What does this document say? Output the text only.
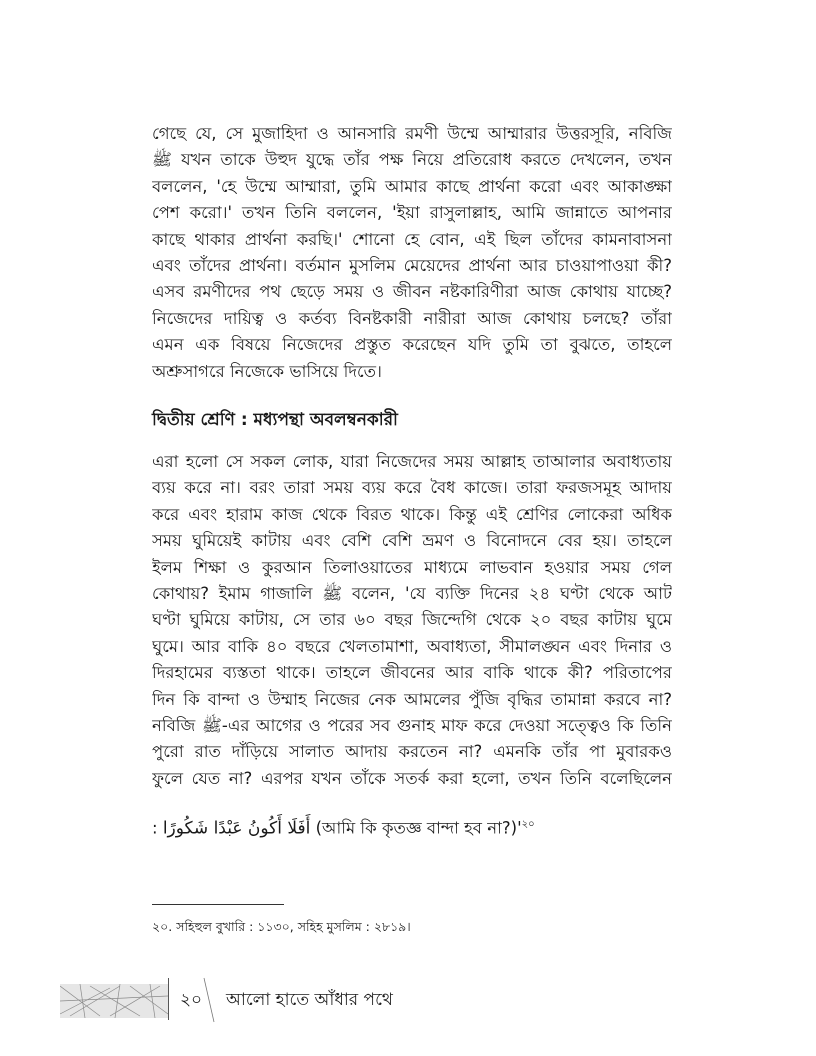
গেছে যে, সে মুজাহিদা ও আনসারি রমণী উম্মে আম্মারার উত্তরসূরি, নবিজি
ﷺ যখন তাকে উহুদ যুদ্ধে তাঁর পক্ষ নিয়ে প্রতিরোধ করতে দেখলেন, তখন
বললেন, 'হে উম্মে আম্মারা, তুমি আমার কাছে প্রার্থনা করো এবং আকাঙ্ক্ষা
পেশ করো।' তখন তিনি বললেন, 'ইয়া রাসুলাল্লাহ, আমি জান্নাতে আপনার
কাছে থাকার প্রার্থনা করছি।' শোনো হে বোন, এই ছিল তাঁদের কামনাবাসনা
এবং তাঁদের প্রার্থনা। বর্তমান মুসলিম মেয়েদের প্রার্থনা আর চাওয়াপাওয়া কী?
এসব রমণীদের পথ ছেড়ে সময় ও জীবন নষ্টকারিণীরা আজ কোথায় যাচ্ছে?
নিজেদের দায়িত্ব ও কর্তব্য বিনষ্টকারী নারীরা আজ কোথায় চলছে? তাঁরা
এমন এক বিষয়ে নিজেদের প্রস্তুত করেছেন যদি তুমি তা বুঝতে, তাহলে
অশ্রুসাগরে নিজেকে ভাসিয়ে দিতে।
দ্বিতীয় শ্রেণি : মধ্যপন্থা অবলম্বনকারী
এরা হলো সে সকল লোক, যারা নিজেদের সময় আল্লাহ তাআলার অবাধ্যতায়
ব্যয় করে না। বরং তারা সময় ব্যয় করে বৈধ কাজে। তারা ফরজসমূহ আদায়
করে এবং হারাম কাজ থেকে বিরত থাকে। কিন্তু এই শ্রেণির লোকেরা অধিক
সময় ঘুমিয়েই কাটায় এবং বেশি বেশি ভ্রমণ ও বিনোদনে বের হয়। তাহলে
ইলম শিক্ষা ও কুরআন তিলাওয়াতের মাধ্যমে লাভবান হওয়ার সময় গেল
কোথায়? ইমাম গাজালি ﷺ বলেন, 'যে ব্যক্তি দিনের ২৪ ঘণ্টা থেকে আট
ঘণ্টা ঘুমিয়ে কাটায়, সে তার ৬০ বছর জিন্দেগি থেকে ২০ বছর কাটায় ঘুমে
ঘুমে। আর বাকি ৪০ বছরে খেলতামাশা, অবাধ্যতা, সীমালঙ্ঘন এবং দিনার ও
দিরহামের ব্যস্ততা থাকে। তাহলে জীবনের আর বাকি থাকে কী? পরিতাপের
দিন কি বান্দা ও উম্মাহ নিজের নেক আমলের পুঁজি বৃদ্ধির তামান্না করবে না?
নবিজি ﷺ-এর আগের ও পরের সব গুনাহ মাফ করে দেওয়া সত্ত্বেও কি তিনি
পুরো রাত দাঁড়িয়ে সালাত আদায় করতেন না? এমনকি তাঁর পা মুবারকও
ফুলে যেত না? এরপর যখন তাঁকে সতর্ক করা হলো, তখন তিনি বলেছিলেন
: أَفَلَا أَكُونُ عَبْدًا شَكُورًا (আমি কি কৃতজ্ঞ বান্দা হব $না?)'^{২০}$
২০. সহিহুল বুখারি : ১১৩০, সহিহ মুসলিম : ২৮১৯।
২০ আলো হাতে আঁধার পথে
